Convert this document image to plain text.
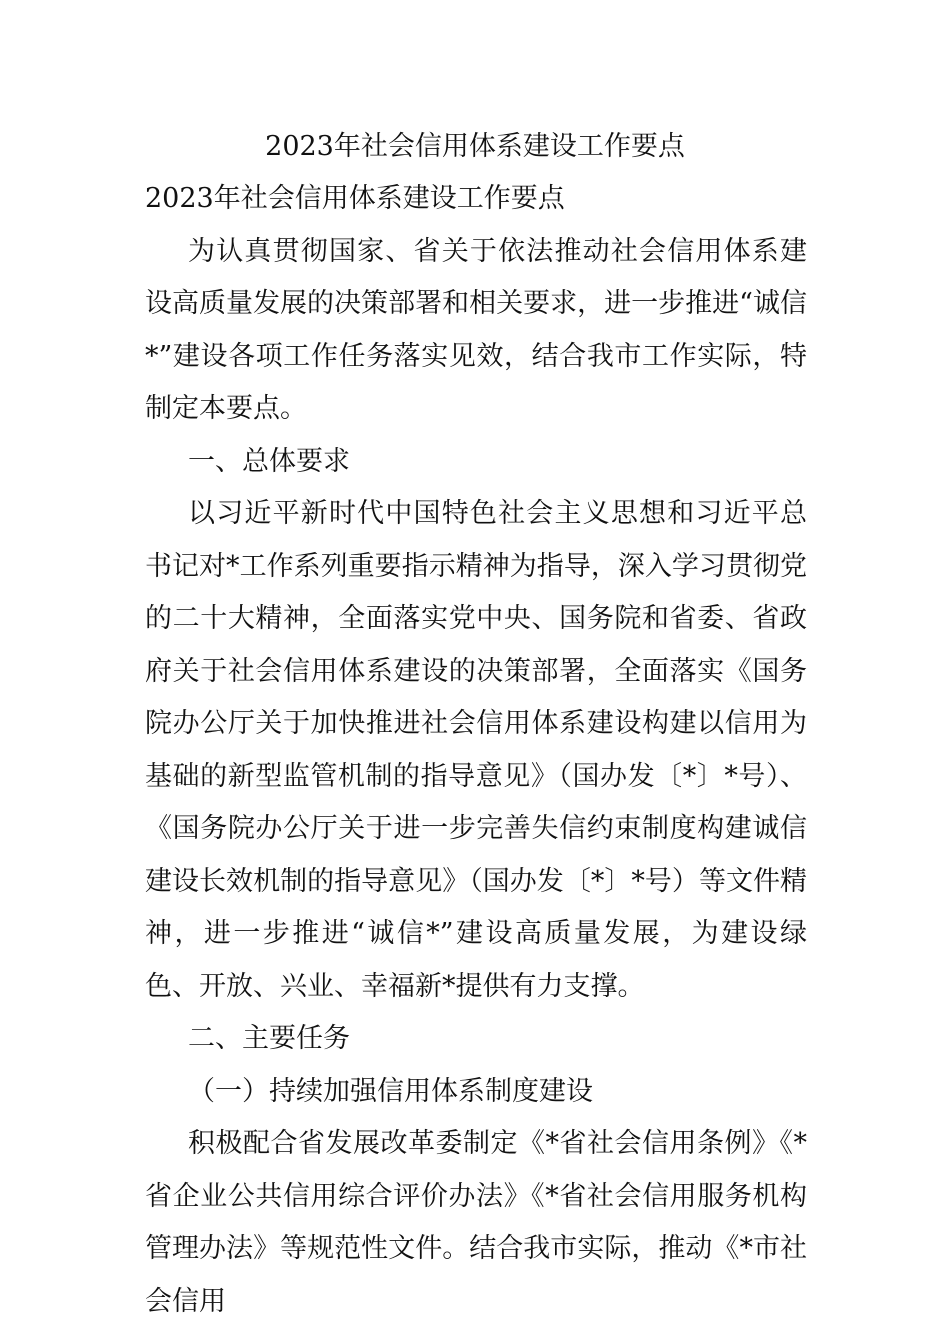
2023年社会信用体系建设工作要点

2023年社会信用体系建设工作要点

为认真贯彻国家、省关于依法推动社会信用体系建设高质量发展的决策部署和相关要求，进一步推进“诚信*”建设各项工作任务落实见效，结合我市工作实际，特制定本要点。

一、总体要求

以习近平新时代中国特色社会主义思想和习近平总书记对*工作系列重要指示精神为指导，深入学习贯彻党的二十大精神，全面落实党中央、国务院和省委、省政府关于社会信用体系建设的决策部署，全面落实《国务院办公厅关于加快推进社会信用体系建设构建以信用为基础的新型监管机制的指导意见》（国办发〔*〕*号）、《国务院办公厅关于进一步完善失信约束制度构建诚信建设长效机制的指导意见》（国办发〔*〕*号）等文件精神，进一步推进“诚信*”建设高质量发展，为建设绿色、开放、兴业、幸福新*提供有力支撑。

二、主要任务

（一）持续加强信用体系制度建设

积极配合省发展改革委制定《*省社会信用条例》《*省企业公共信用综合评价办法》《*省社会信用服务机构管理办法》等规范性文件。结合我市实际，推动《*市社会信用
